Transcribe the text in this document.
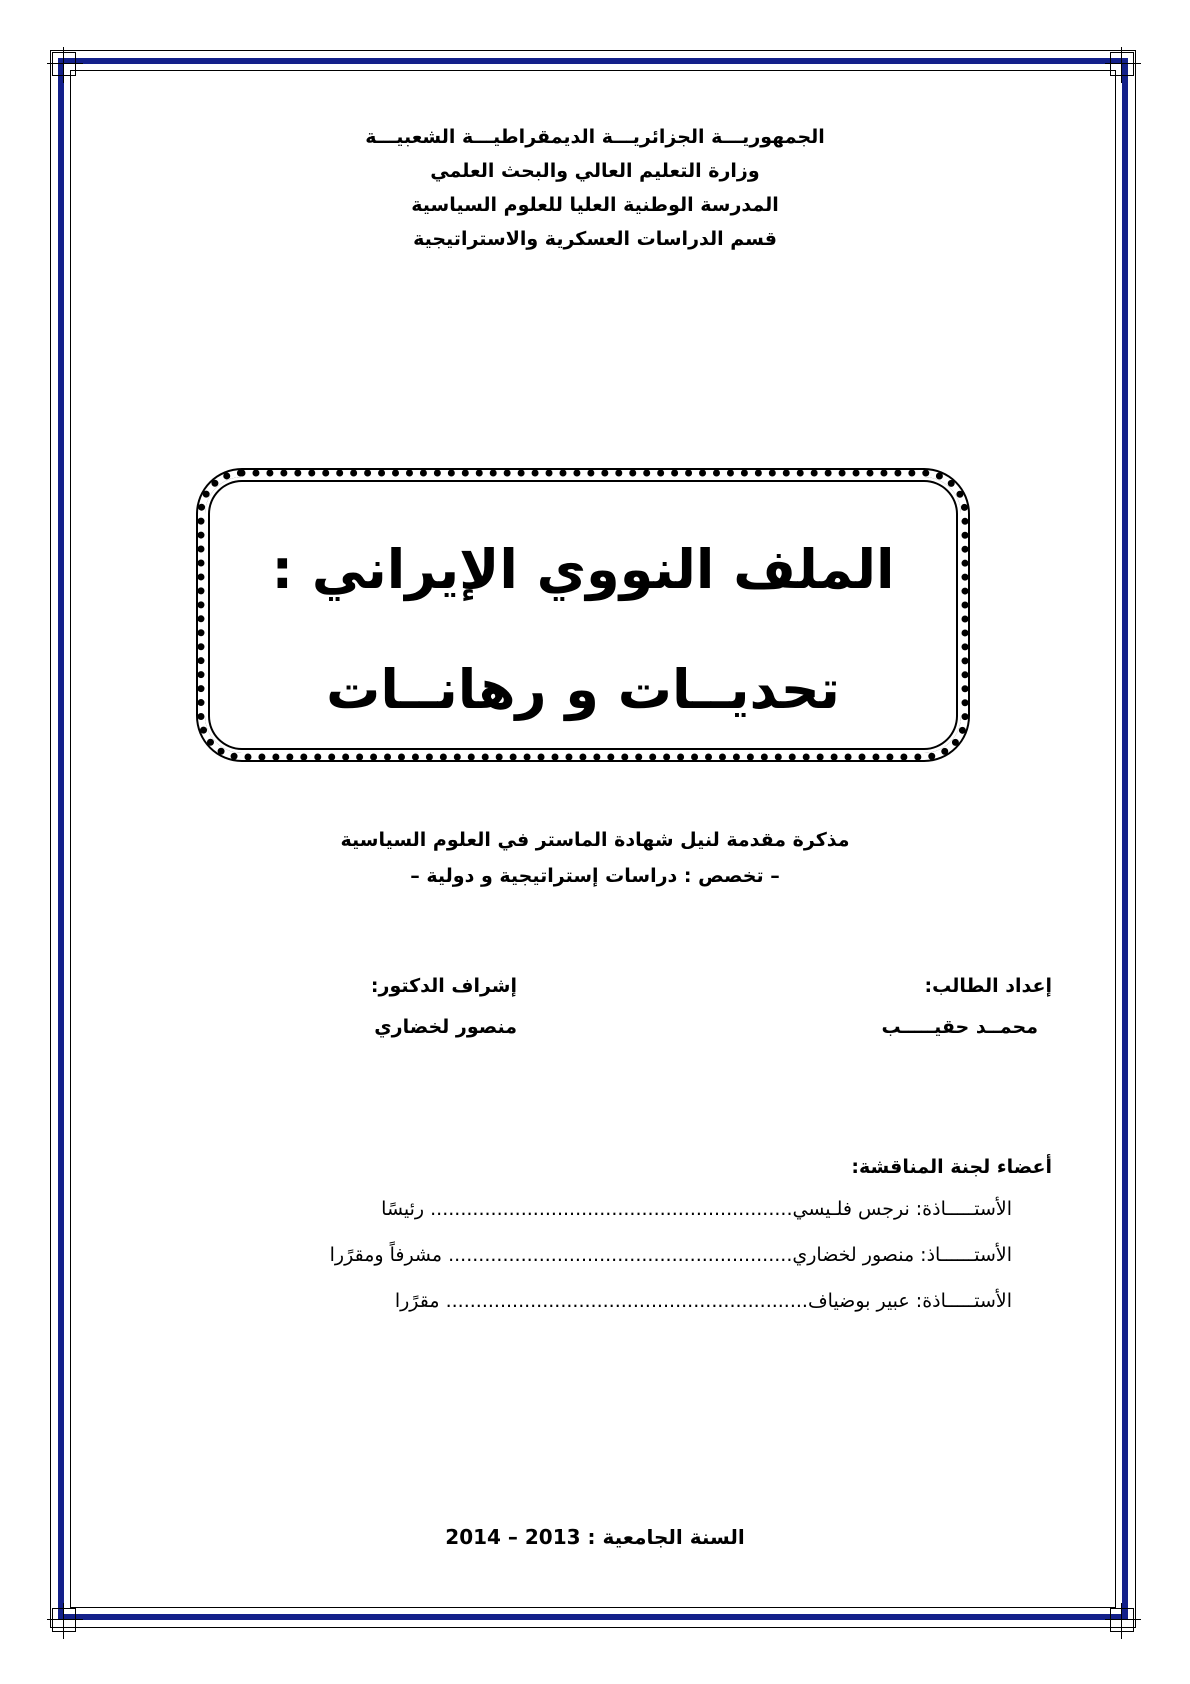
الجمهوريـــة الجزائريـــة الديمقراطيـــة الشعبيـــة
وزارة التعليم العالي والبحث العلمي
المدرسة الوطنية العليا للعلوم السياسية
قسم الدراسات العسكرية والاستراتيجية
الملف النووي الإيراني :
تحديــات و رهانــات
مذكرة مقدمة لنيل شهادة الماستر في العلوم السياسية
– تخصص : دراسات إستراتيجية و دولية –
إعداد الطالب:
محمــد حقيـــــب
إشراف الدكتور:
منصور لخضاري
أعضاء لجنة المناقشة:
الأستـــــاذة: نرجس فلـيسي............................................................ رئيسًا
الأستــــــاذ: منصور لخضاري......................................................... مشرفاً ومقرًرا
الأستـــــاذة: عبير بوضياف............................................................ مقرًرا
السنة الجامعية : 2013 – 2014
